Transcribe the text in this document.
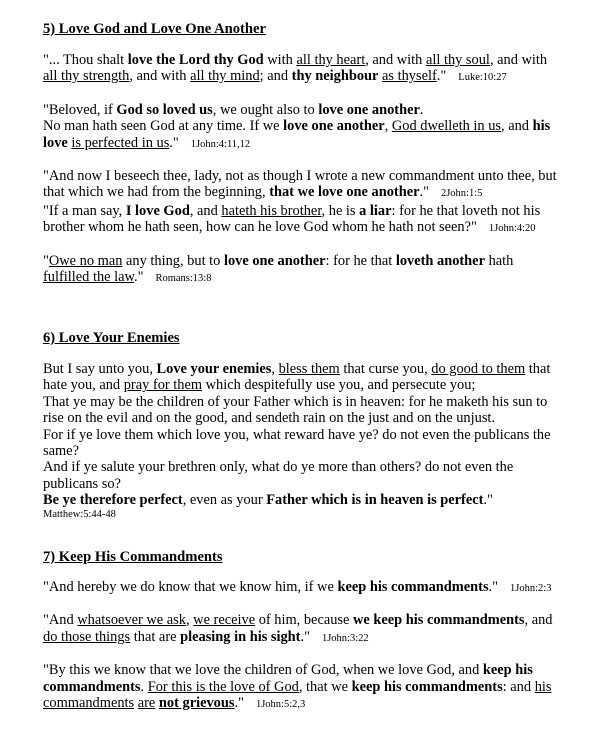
5) Love God and Love One Another

"... Thou shalt love the Lord thy God with all thy heart, and with all thy soul, and with all thy strength, and with all thy mind; and thy neighbour as thyself." Luke:10:27

"Beloved, if God so loved us, we ought also to love one another.
No man hath seen God at any time. If we love one another, God dwelleth in us, and his love is perfected in us." 1John:4:11,12

"And now I beseech thee, lady, not as though I wrote a new commandment unto thee, but that which we had from the beginning, that we love one another." 2John:1:5

"If a man say, I love God, and hateth his brother, he is a liar: for he that loveth not his brother whom he hath seen, how can he love God whom he hath not seen?" 1John:4:20

"Owe no man any thing, but to love one another: for he that loveth another hath fulfilled the law." Romans:13:8

6) Love Your Enemies

But I say unto you, Love your enemies, bless them that curse you, do good to them that hate you, and pray for them which despitefully use you, and persecute you;
That ye may be the children of your Father which is in heaven: for he maketh his sun to rise on the evil and on the good, and sendeth rain on the just and on the unjust.
For if ye love them which love you, what reward have ye? do not even the publicans the same?
And if ye salute your brethren only, what do ye more than others? do not even the publicans so?
Be ye therefore perfect, even as your Father which is in heaven is perfect."
Matthew:5:44-48

7) Keep His Commandments

"And hereby we do know that we know him, if we keep his commandments." 1John:2:3

"And whatsoever we ask, we receive of him, because we keep his commandments, and do those things that are pleasing in his sight." 1John:3:22

"By this we know that we love the children of God, when we love God, and keep his commandments. For this is the love of God, that we keep his commandments: and his commandments are not grievous." 1John:5:2,3
